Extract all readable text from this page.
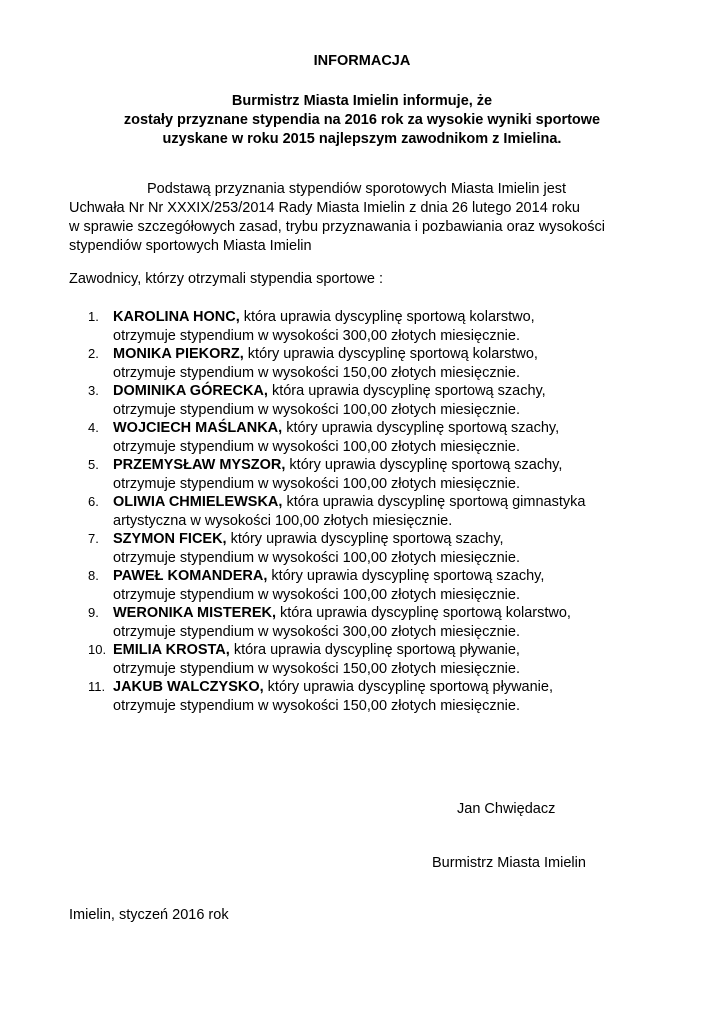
INFORMACJA
Burmistrz Miasta Imielin informuje, że
zostały przyznane stypendia na 2016 rok za wysokie wyniki sportowe
uzyskane w roku 2015 najlepszym zawodnikom z Imielina.
Podstawą przyznania stypendiów sporotowych Miasta Imielin jest
Uchwała Nr Nr XXXIX/253/2014 Rady Miasta Imielin z dnia 26 lutego 2014 roku
w sprawie szczegółowych zasad, trybu przyznawania i pozbawiania oraz wysokości
stypendiów sportowych Miasta Imielin
Zawodnicy, którzy otrzymali stypendia sportowe :
1. KAROLINA HONC, która uprawia dyscyplinę sportową kolarstwo,
otrzymuje stypendium w wysokości 300,00 złotych miesięcznie.
2. MONIKA PIEKORZ, który uprawia dyscyplinę sportową kolarstwo,
otrzymuje stypendium w wysokości 150,00 złotych miesięcznie.
3. DOMINIKA GÓRECKA, która uprawia dyscyplinę sportową szachy,
otrzymuje stypendium w wysokości 100,00 złotych miesięcznie.
4. WOJCIECH MAŚLANKA, który uprawia dyscyplinę sportową szachy,
otrzymuje stypendium w wysokości 100,00 złotych miesięcznie.
5. PRZEMYSŁAW MYSZOR, który uprawia dyscyplinę sportową szachy,
otrzymuje stypendium w wysokości 100,00 złotych miesięcznie.
6. OLIWIA CHMIELEWSKA, która uprawia dyscyplinę sportową gimnastyka
artystyczna w wysokości 100,00 złotych miesięcznie.
7. SZYMON FICEK, który uprawia dyscyplinę sportową szachy,
otrzymuje stypendium w wysokości 100,00 złotych miesięcznie.
8. PAWEŁ KOMANDERA, który uprawia dyscyplinę sportową szachy,
otrzymuje stypendium w wysokości 100,00 złotych miesięcznie.
9. WERONIKA MISTEREK, która uprawia dyscyplinę sportową kolarstwo,
otrzymuje stypendium w wysokości 300,00 złotych miesięcznie.
10. EMILIA KROSTA, która uprawia dyscyplinę sportową pływanie,
otrzymuje stypendium w wysokości 150,00 złotych miesięcznie.
11. JAKUB WALCZYSKO, który uprawia dyscyplinę sportową pływanie,
otrzymuje stypendium w wysokości 150,00 złotych miesięcznie.
Jan Chwiędacz
Burmistrz Miasta Imielin
Imielin, styczeń 2016 rok
